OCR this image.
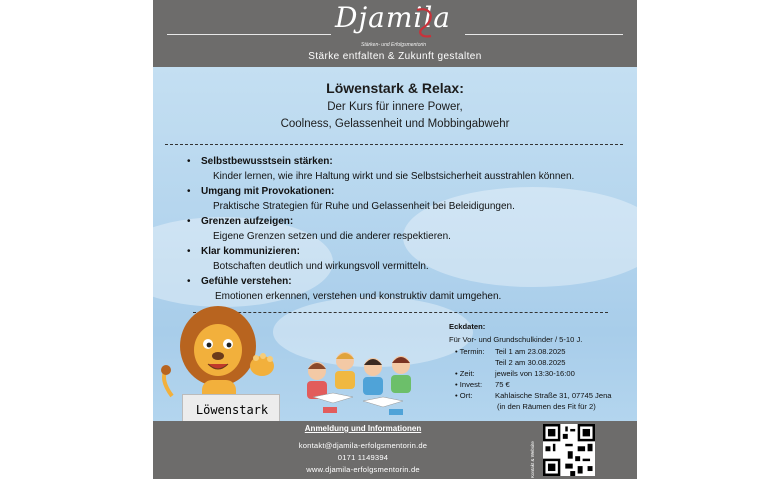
Djamila
Stärken- und Erfolgsmentorin
Stärke entfalten & Zukunft gestalten
Löwenstark & Relax:
Der Kurs für innere Power,
Coolness, Gelassenheit und Mobbingabwehr
• Selbstbewusstsein stärken:
Kinder lernen, wie ihre Haltung wirkt und sie Selbstsicherheit ausstrahlen können.
• Umgang mit Provokationen:
Praktische Strategien für Ruhe und Gelassenheit bei Beleidigungen.
• Grenzen aufzeigen:
Eigene Grenzen setzen und die anderer respektieren.
• Klar kommunizieren:
Botschaften deutlich und wirkungsvoll vermitteln.
• Gefühle verstehen:
Emotionen erkennen, verstehen und konstruktiv damit umgehen.
Eckdaten:
Für Vor- und Grundschulkinder / 5-10 J.
• Termin: Teil 1 am 23.08.2025
Teil 2 am 30.08.2025
• Zeit:	jeweils von 13:30-16:00
• Invest: 75 €
• Ort:	Kahlaische Straße 31, 07745 Jena
(in den Räumen des Fit für 2)
Löwenstark
Anmeldung und Informationen
kontakt@djamila-erfolgsmentorin.de
0171 1149394
www.djamila-erfolgsmentorin.de	Kontakt & Website
